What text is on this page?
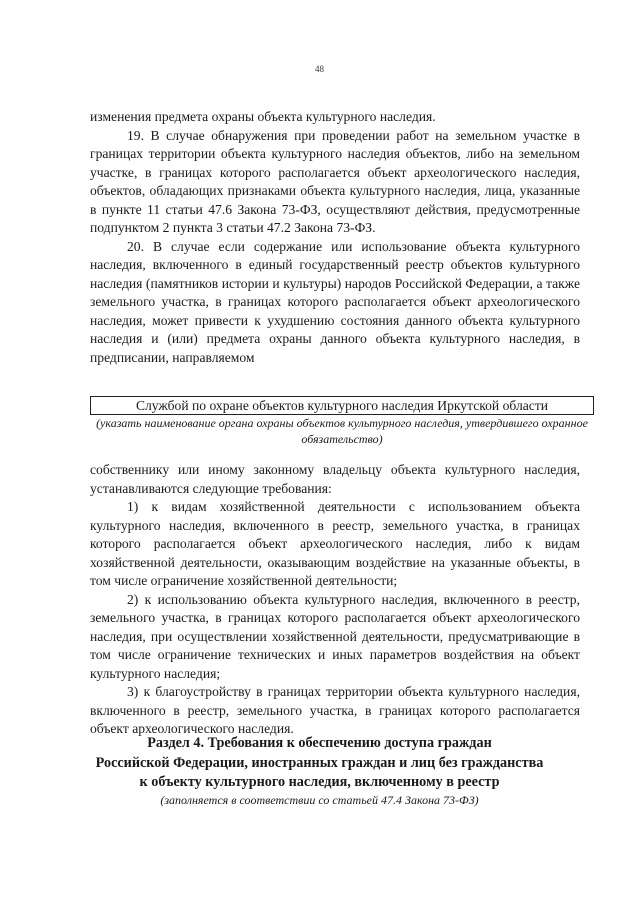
48

изменения предмета охраны объекта культурного наследия.

19. В случае обнаружения при проведении работ на земельном участке в границах территории объекта культурного наследия объектов, либо на земельном участке, в границах которого располагается объект археологического наследия, объектов, обладающих признаками объекта культурного наследия, лица, указанные в пункте 11 статьи 47.6 Закона 73-ФЗ, осуществляют действия, предусмотренные подпунктом 2 пункта 3 статьи 47.2 Закона 73-ФЗ.

20. В случае если содержание или использование объекта культурного наследия, включенного в единый государственный реестр объектов культурного наследия (памятников истории и культуры) народов Российской Федерации, а также земельного участка, в границах которого располагается объект археологического наследия, может привести к ухудшению состояния данного объекта культурного наследия и (или) предмета охраны данного объекта культурного наследия, в предписании, направляемом

Службой по охране объектов культурного наследия Иркутской области
(указать наименование органа охраны объектов культурного наследия, утвердившего охранное обязательство)

собственнику или иному законному владельцу объекта культурного наследия, устанавливаются следующие требования:

1) к видам хозяйственной деятельности с использованием объекта культурного наследия, включенного в реестр, земельного участка, в границах которого располагается объект археологического наследия, либо к видам хозяйственной деятельности, оказывающим воздействие на указанные объекты, в том числе ограничение хозяйственной деятельности;

2) к использованию объекта культурного наследия, включенного в реестр, земельного участка, в границах которого располагается объект археологического наследия, при осуществлении хозяйственной деятельности, предусматривающие в том числе ограничение технических и иных параметров воздействия на объект культурного наследия;

3) к благоустройству в границах территории объекта культурного наследия, включенного в реестр, земельного участка, в границах которого располагается объект археологического наследия.

Раздел 4. Требования к обеспечению доступа граждан
Российской Федерации, иностранных граждан и лиц без гражданства
к объекту культурного наследия, включенному в реестр
(заполняется в соответствии со статьей 47.4 Закона 73-ФЗ)
